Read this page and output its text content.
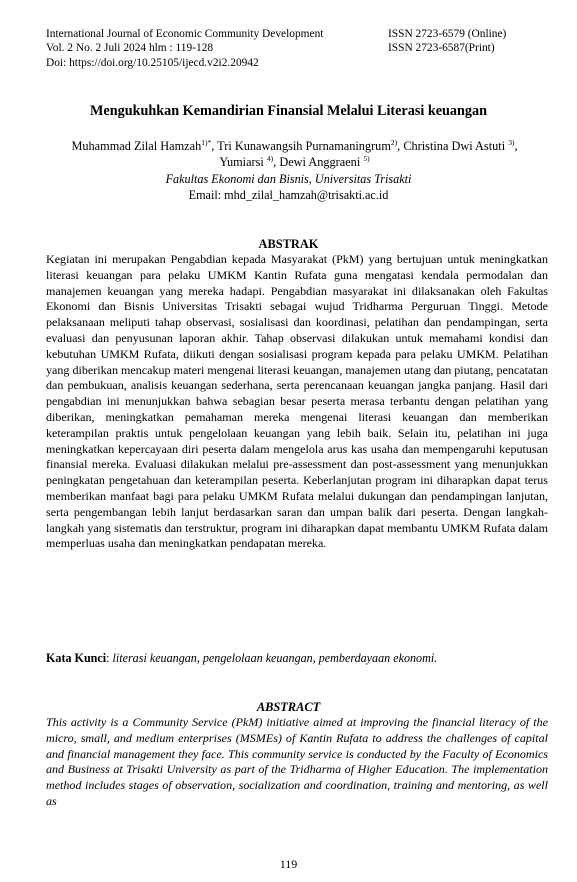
International Journal of Economic Community Development
Vol. 2 No. 2 Juli 2024 hlm : 119-128
Doi: https://doi.org/10.25105/ijecd.v2i2.20942
ISSN 2723-6579 (Online)
ISSN 2723-6587(Print)
Mengukuhkan Kemandirian Finansial Melalui Literasi keuangan
Muhammad Zilal Hamzah$^{1)*}$, Tri Kunawangsih Purnamaningrum$^{2)}$, Christina Dwi Astuti $^{3)}$, Yumiarsi $^{4)}$, Dewi Anggraeni $^{5)}$
Fakultas Ekonomi dan Bisnis, Universitas Trisakti
Email: mhd_zilal_hamzah@trisakti.ac.id
ABSTRAK
Kegiatan ini merupakan Pengabdian kepada Masyarakat (PkM) yang bertujuan untuk meningkatkan literasi keuangan para pelaku UMKM Kantin Rufata guna mengatasi kendala permodalan dan manajemen keuangan yang mereka hadapi. Pengabdian masyarakat ini dilaksanakan oleh Fakultas Ekonomi dan Bisnis Universitas Trisakti sebagai wujud Tridharma Perguruan Tinggi. Metode pelaksanaan meliputi tahap observasi, sosialisasi dan koordinasi, pelatihan dan pendampingan, serta evaluasi dan penyusunan laporan akhir. Tahap observasi dilakukan untuk memahami kondisi dan kebutuhan UMKM Rufata, diikuti dengan sosialisasi program kepada para pelaku UMKM. Pelatihan yang diberikan mencakup materi mengenai literasi keuangan, manajemen utang dan piutang, pencatatan dan pembukuan, analisis keuangan sederhana, serta perencanaan keuangan jangka panjang. Hasil dari pengabdian ini menunjukkan bahwa sebagian besar peserta merasa terbantu dengan pelatihan yang diberikan, meningkatkan pemahaman mereka mengenai literasi keuangan dan memberikan keterampilan praktis untuk pengelolaan keuangan yang lebih baik. Selain itu, pelatihan ini juga meningkatkan kepercayaan diri peserta dalam mengelola arus kas usaha dan mempengaruhi keputusan finansial mereka. Evaluasi dilakukan melalui pre-assessment dan post-assessment yang menunjukkan peningkatan pengetahuan dan keterampilan peserta. Keberlanjutan program ini diharapkan dapat terus memberikan manfaat bagi para pelaku UMKM Rufata melalui dukungan dan pendampingan lanjutan, serta pengembangan lebih lanjut berdasarkan saran dan umpan balik dari peserta. Dengan langkah-langkah yang sistematis dan terstruktur, program ini diharapkan dapat membantu UMKM Rufata dalam memperluas usaha dan meningkatkan pendapatan mereka.
Kata Kunci: literasi keuangan, pengelolaan keuangan, pemberdayaan ekonomi.
ABSTRACT
This activity is a Community Service (PkM) initiative aimed at improving the financial literacy of the micro, small, and medium enterprises (MSMEs) of Kantin Rufata to address the challenges of capital and financial management they face. This community service is conducted by the Faculty of Economics and Business at Trisakti University as part of the Tridharma of Higher Education. The implementation method includes stages of observation, socialization and coordination, training and mentoring, as well as
119
